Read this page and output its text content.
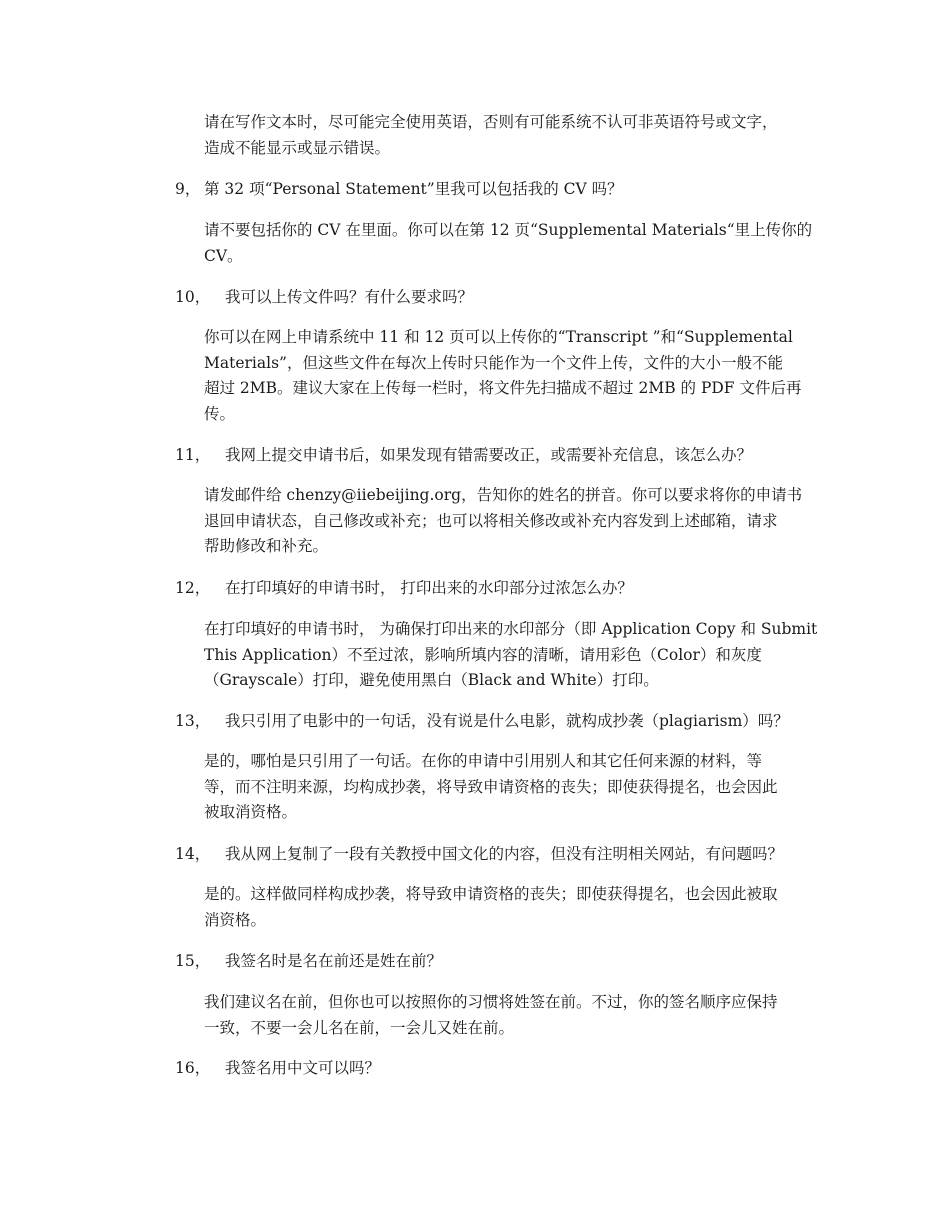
请在写作文本时，尽可能完全使用英语，否则有可能系统不认可非英语符号或文字，
造成不能显示或显示错误。
9， 第 32 项“Personal Statement”里我可以包括我的 CV 吗？
请不要包括你的 CV 在里面。你可以在第 12 页“Supplemental Materials“里上传你的
CV。
10， 我可以上传文件吗？有什么要求吗？
你可以在网上申请系统中 11 和 12 页可以上传你的“Transcript ”和“Supplemental
Materials”，但这些文件在每次上传时只能作为一个文件上传，文件的大小一般不能
超过 2MB。建议大家在上传每一栏时，将文件先扫描成不超过 2MB 的 PDF 文件后再
传。
11， 我网上提交申请书后，如果发现有错需要改正，或需要补充信息，该怎么办？
请发邮件给 chenzy@iiebeijing.org，告知你的姓名的拼音。你可以要求将你的申请书
退回申请状态，自己修改或补充；也可以将相关修改或补充内容发到上述邮箱，请求
帮助修改和补充。
12， 在打印填好的申请书时， 打印出来的水印部分过浓怎么办？
在打印填好的申请书时， 为确保打印出来的水印部分（即 Application Copy 和 Submit
This Application）不至过浓，影响所填内容的清晰，请用彩色（Color）和灰度
（Grayscale）打印，避免使用黑白（Black and White）打印。
13， 我只引用了电影中的一句话，没有说是什么电影，就构成抄袭（plagiarism）吗？
是的，哪怕是只引用了一句话。在你的申请中引用别人和其它任何来源的材料，等
等，而不注明来源，均构成抄袭，将导致申请资格的丧失；即使获得提名，也会因此
被取消资格。
14， 我从网上复制了一段有关教授中国文化的内容，但没有注明相关网站，有问题吗？
是的。这样做同样构成抄袭，将导致申请资格的丧失；即使获得提名，也会因此被取
消资格。
15， 我签名时是名在前还是姓在前？
我们建议名在前，但你也可以按照你的习惯将姓签在前。不过，你的签名顺序应保持
一致，不要一会儿名在前，一会儿又姓在前。
16， 我签名用中文可以吗？
